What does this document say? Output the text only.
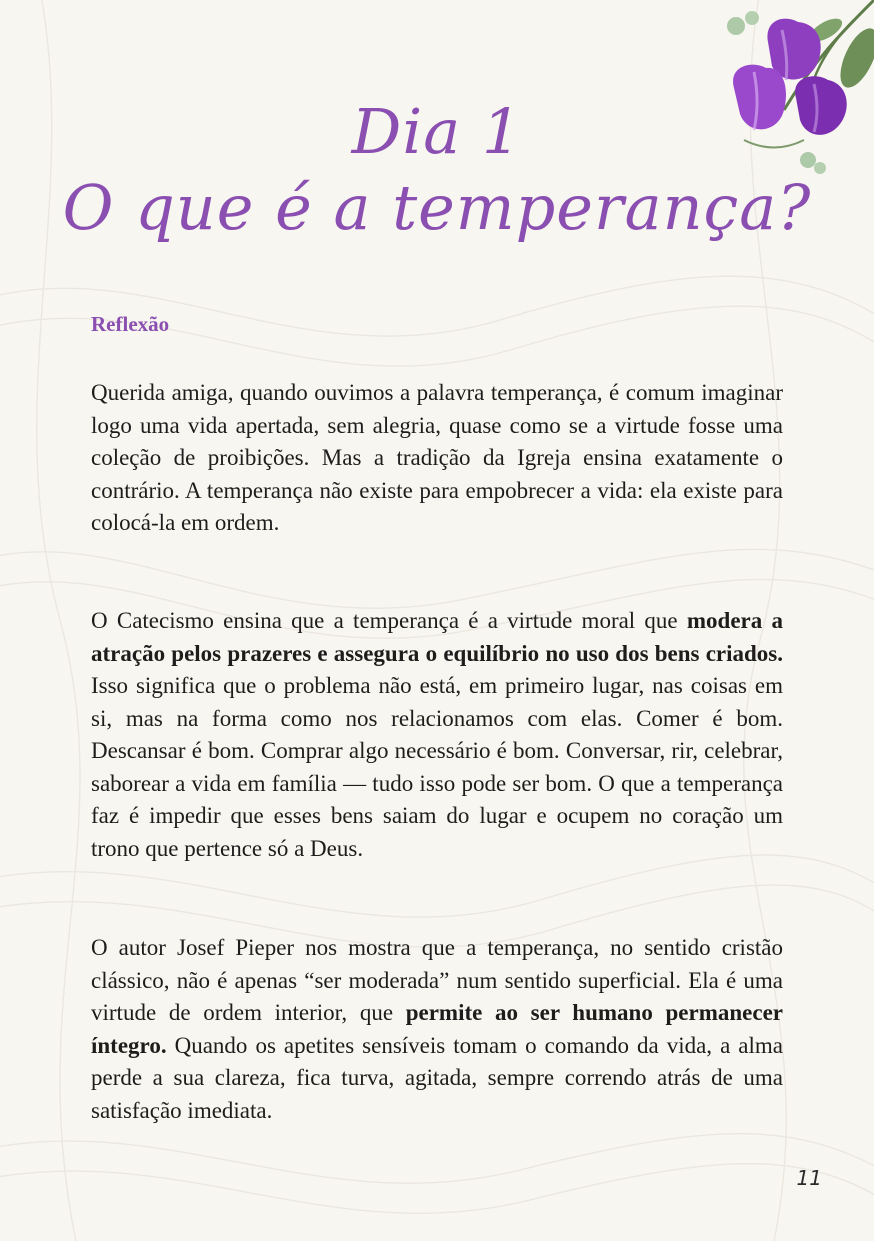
Dia 1
O que é a temperança?
Reflexão

Querida amiga, quando ouvimos a palavra temperança, é comum imaginar logo uma vida apertada, sem alegria, quase como se a virtude fosse uma coleção de proibições. Mas a tradição da Igreja ensina exatamente o contrário. A temperança não existe para empobrecer a vida: ela existe para colocá-la em ordem.

O Catecismo ensina que a temperança é a virtude moral que modera a atração pelos prazeres e assegura o equilíbrio no uso dos bens criados. Isso significa que o problema não está, em primeiro lugar, nas coisas em si, mas na forma como nos relacionamos com elas. Comer é bom. Descansar é bom. Comprar algo necessário é bom. Conversar, rir, celebrar, saborear a vida em família — tudo isso pode ser bom. O que a temperança faz é impedir que esses bens saiam do lugar e ocupem no coração um trono que pertence só a Deus.

O autor Josef Pieper nos mostra que a temperança, no sentido cristão clássico, não é apenas “ser moderada” num sentido superficial. Ela é uma virtude de ordem interior, que permite ao ser humano permanecer íntegro. Quando os apetites sensíveis tomam o comando da vida, a alma perde a sua clareza, fica turva, agitada, sempre correndo atrás de uma satisfação imediata.

11
